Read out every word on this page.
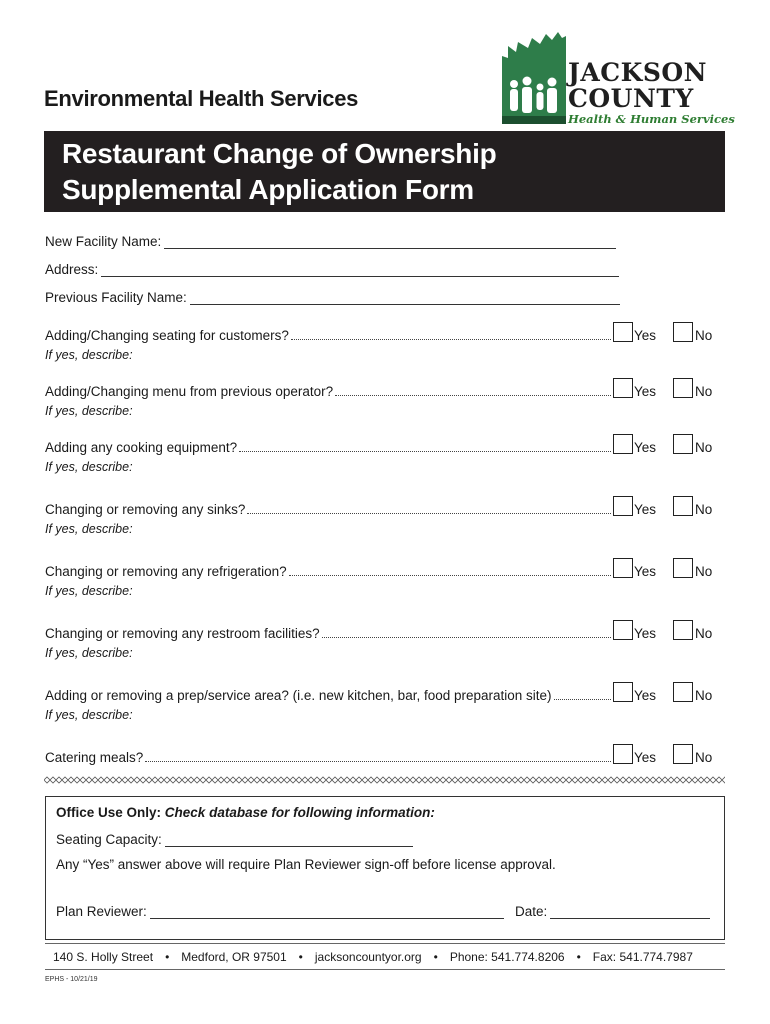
Environmental Health Services
JACKSON
COUNTY
Health & Human Services
Restaurant Change of Ownership
Supplemental Application Form
New Facility Name:
Address:
Previous Facility Name:
Adding/Changing seating for customers?
If yes, describe:
Yes	No
Adding/Changing menu from previous operator?
If yes, describe:
Yes	No
Adding any cooking equipment?
If yes, describe:
Yes	No
Changing or removing any sinks?
If yes, describe:
Yes	No
Changing or removing any refrigeration?
If yes, describe:
Yes	No
Changing or removing any restroom facilities?
If yes, describe:
Yes	No
Adding or removing a prep/service area? (i.e. new kitchen, bar, food preparation site)
If yes, describe:
Yes	No
Catering meals?	Yes	No
Office Use Only: Check database for following information:
Seating Capacity:
Any “Yes” answer above will require Plan Reviewer sign-off before license approval.
Plan Reviewer:	Date:
140 S. Holly Street • Medford, OR 97501 • jacksoncountyor.org • Phone: 541.774.8206 • Fax: 541.774.7987
EPHS - 10/21/19
